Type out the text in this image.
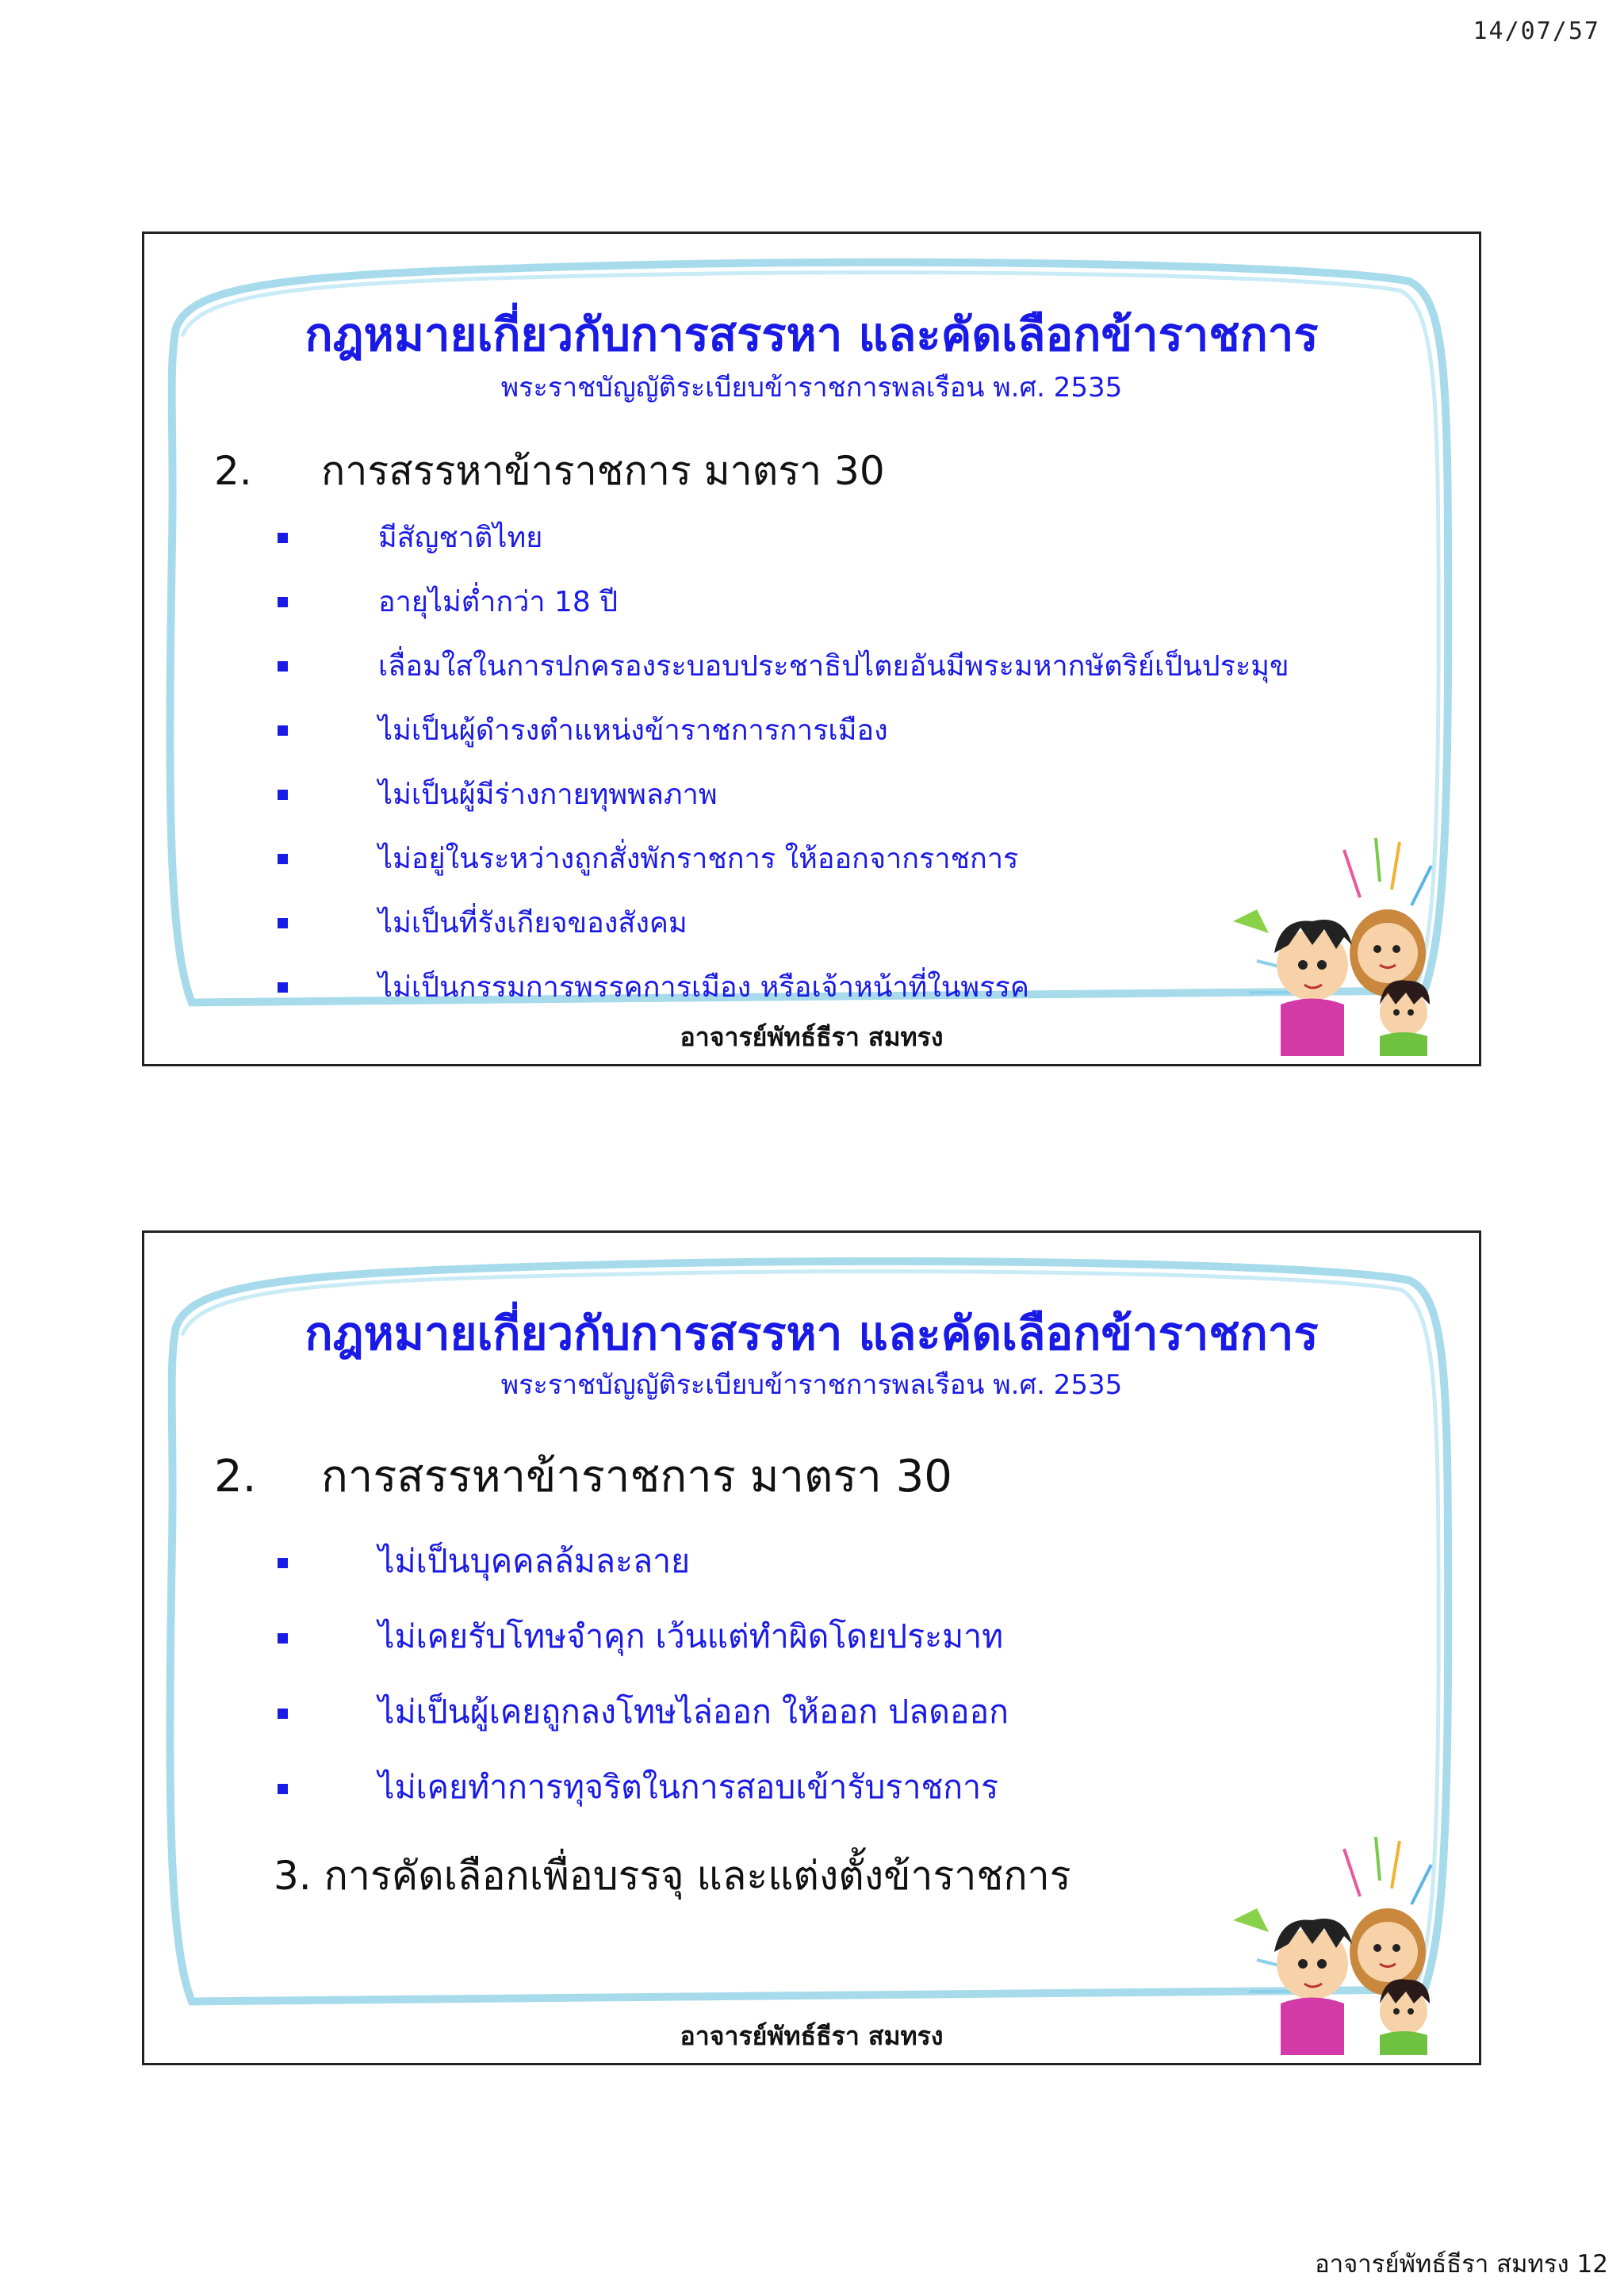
14/07/57
กฎหมายเกี่ยวกับการสรรหา และคัดเลือกข้าราชการ
พระราชบัญญัติระเบียบข้าราชการพลเรือน พ.ศ. 2535
2. การสรรหาข้าราชการ มาตรา 30
มีสัญชาติไทย
อายุไม่ต่ำกว่า 18 ปี
เลื่อมใสในการปกครองระบอบประชาธิปไตยอันมีพระมหากษัตริย์เป็นประมุข
ไม่เป็นผู้ดำรงตำแหน่งข้าราชการการเมือง
ไม่เป็นผู้มีร่างกายทุพพลภาพ
ไม่อยู่ในระหว่างถูกสั่งพักราชการ ให้ออกจากราชการ
ไม่เป็นที่รังเกียจของสังคม
ไม่เป็นกรรมการพรรคการเมือง หรือเจ้าหน้าที่ในพรรค
อาจารย์พัทธ์ธีรา สมทรง
กฎหมายเกี่ยวกับการสรรหา และคัดเลือกข้าราชการ
พระราชบัญญัติระเบียบข้าราชการพลเรือน พ.ศ. 2535
2. การสรรหาข้าราชการ มาตรา 30
ไม่เป็นบุคคลล้มละลาย
ไม่เคยรับโทษจำคุก เว้นแต่ทำผิดโดยประมาท
ไม่เป็นผู้เคยถูกลงโทษไล่ออก ให้ออก ปลดออก
ไม่เคยทำการทุจริตในการสอบเข้ารับราชการ
3. การคัดเลือกเพื่อบรรจุ และแต่งตั้งข้าราชการ
อาจารย์พัทธ์ธีรา สมทรง
อาจารย์พัทธ์ธีรา สมทรง 12
